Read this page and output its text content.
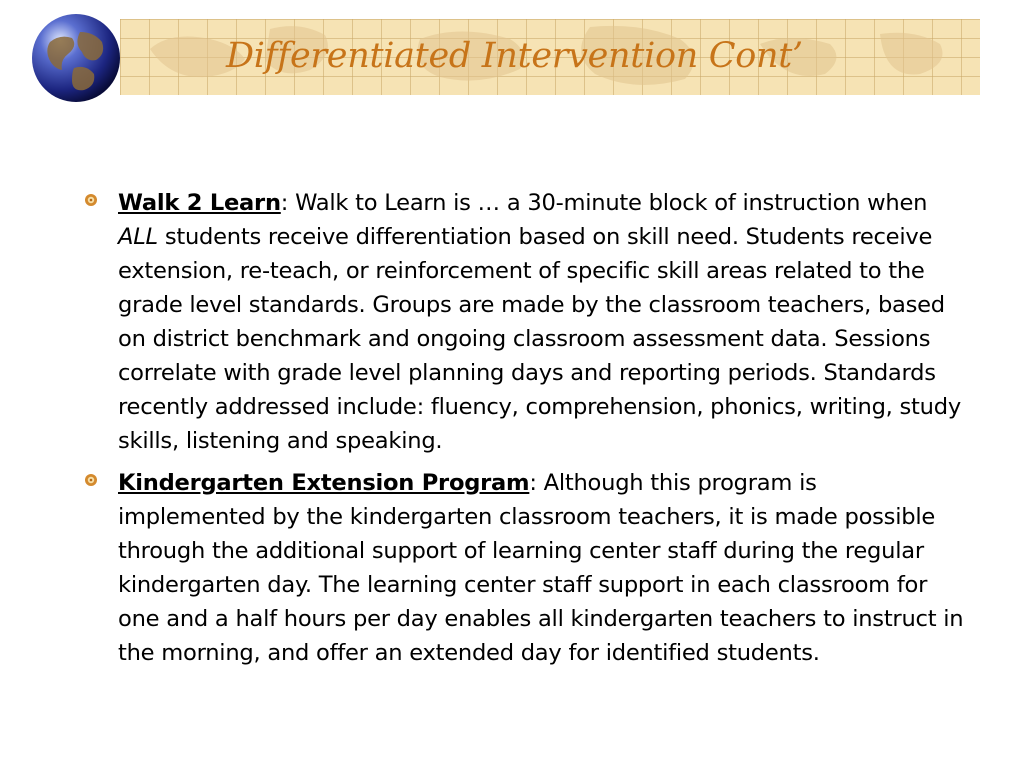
Differentiated Intervention Cont’
Walk 2 Learn: Walk to Learn is … a 30-minute block of instruction when ALL students receive differentiation based on skill need. Students receive extension, re-teach, or reinforcement of specific skill areas related to the grade level standards. Groups are made by the classroom teachers, based on district benchmark and ongoing classroom assessment data. Sessions correlate with grade level planning days and reporting periods. Standards recently addressed include: fluency, comprehension, phonics, writing, study skills, listening and speaking.
Kindergarten Extension Program: Although this program is implemented by the kindergarten classroom teachers, it is made possible through the additional support of learning center staff during the regular kindergarten day. The learning center staff support in each classroom for one and a half hours per day enables all kindergarten teachers to instruct in the morning, and offer an extended day for identified students.
